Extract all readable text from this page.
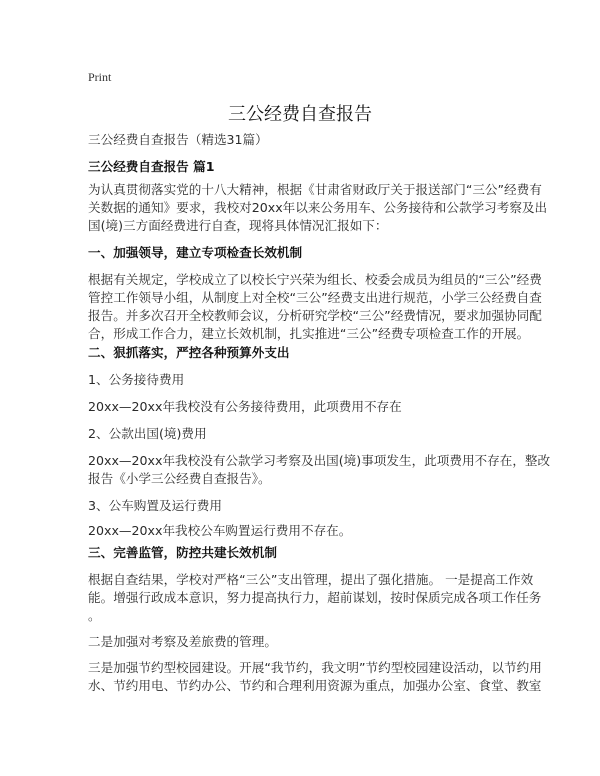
Print
三公经费自查报告
三公经费自查报告（精选31篇）
三公经费自查报告 篇1
为认真贯彻落实党的十八大精神，根据《甘肃省财政厅关于报送部门“三公”经费有
关数据的通知》要求，我校对20xx年以来公务用车、公务接待和公款学习考察及出
国(境)三方面经费进行自查，现将具体情况汇报如下：
一、加强领导，建立专项检查长效机制
根据有关规定，学校成立了以校长宁兴荣为组长、校委会成员为组员的“三公”经费
管控工作领导小组，从制度上对全校“三公”经费支出进行规范，小学三公经费自查
报告。并多次召开全校教师会议，分析研究学校“三公”经费情况，要求加强协同配
合，形成工作合力，建立长效机制，扎实推进“三公”经费专项检查工作的开展。
二、狠抓落实，严控各种预算外支出
1、公务接待费用
20xx—20xx年我校没有公务接待费用，此项费用不存在
2、公款出国(境)费用
20xx—20xx年我校没有公款学习考察及出国(境)事项发生，此项费用不存在，整改
报告《小学三公经费自查报告》。
3、公车购置及运行费用
20xx—20xx年我校公车购置运行费用不存在。
三、完善监管，防控共建长效机制
根据自查结果，学校对严格“三公”支出管理，提出了强化措施。 一是提高工作效
能。增强行政成本意识，努力提高执行力，超前谋划，按时保质完成各项工作任务
。
二是加强对考察及差旅费的管理。
三是加强节约型校园建设。开展“我节约，我文明”节约型校园建设活动，以节约用
水、节约用电、节约办公、节约和合理利用资源为重点，加强办公室、食堂、教室
